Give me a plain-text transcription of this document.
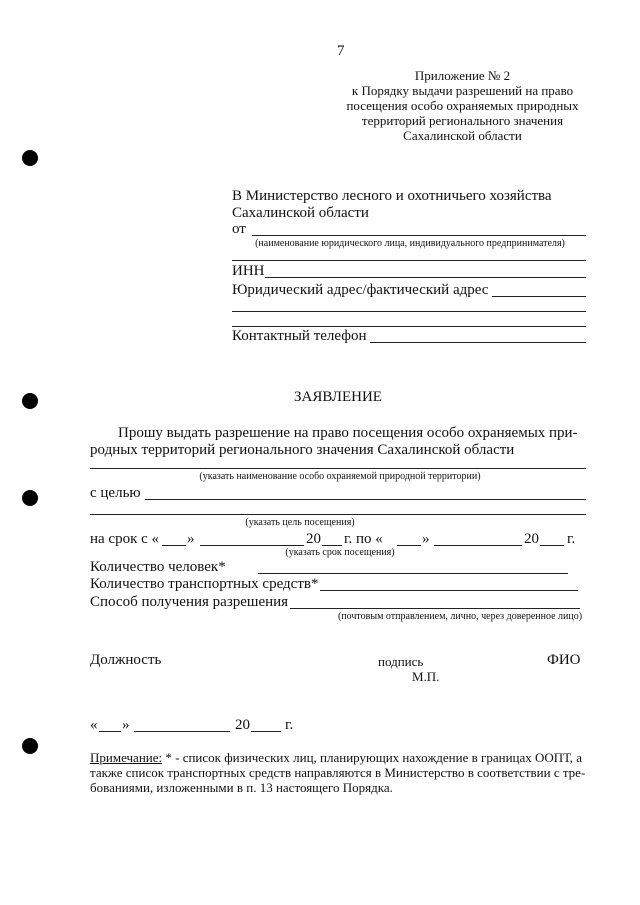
7
Приложение № 2
к Порядку выдачи разрешений на право
посещения особо охраняемых природных
территорий регионального значения
Сахалинской области
В Министерство лесного и охотничьего хозяйства
Сахалинской области
от
(наименование юридического лица, индивидуального предпринимателя)
ИНН
Юридический адрес/фактический адрес
Контактный телефон
ЗАЯВЛЕНИЕ
Прошу выдать разрешение на право посещения особо охраняемых при-
родных территорий регионального значения Сахалинской области
(указать наименование особо охраняемой природной территории)
с целью
(указать цель посещения)
на срок с « »	20 г. по «	»	20 г.
(указать срок посещения)
Количество человек*
Количество транспортных средств*
Способ получения разрешения
(почтовым отправлением, лично, через доверенное лицо)
Должность	подпись
М.П.
ФИО
« »	20 г.
Примечание: * - список физических лиц, планирующих нахождение в границах ООПТ, а
также список транспортных средств направляются в Министерство в соответствии с тре-
бованиями, изложенными в п. 13 настоящего Порядка.
